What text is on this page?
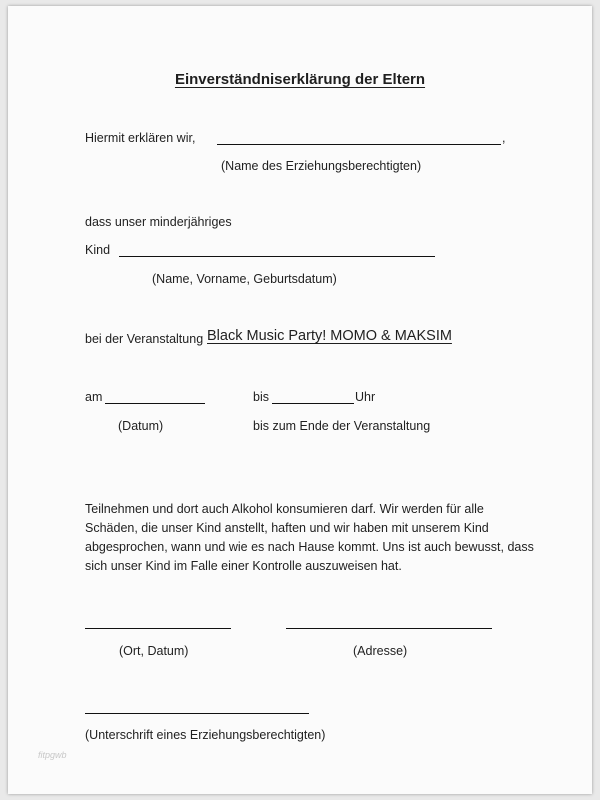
Einverständniserklärung der Eltern
Hiermit erklären wir,	,
(Name des Erziehungsberechtigten)
dass unser minderjähriges
Kind
(Name, Vorname, Geburtsdatum)
bei der Veranstaltung Black Music Party! MOMO & MAKSIM
am	bis	Uhr
(Datum)	bis zum Ende der Veranstaltung
Teilnehmen und dort auch Alkohol konsumieren darf. Wir werden für alle
Schäden, die unser Kind anstellt, haften und wir haben mit unserem Kind
abgesprochen, wann und wie es nach Hause kommt. Uns ist auch bewusst, dass
sich unser Kind im Falle einer Kontrolle auszuweisen hat.
(Ort, Datum)	(Adresse)
(Unterschrift eines Erziehungsberechtigten)
fitpgwb
